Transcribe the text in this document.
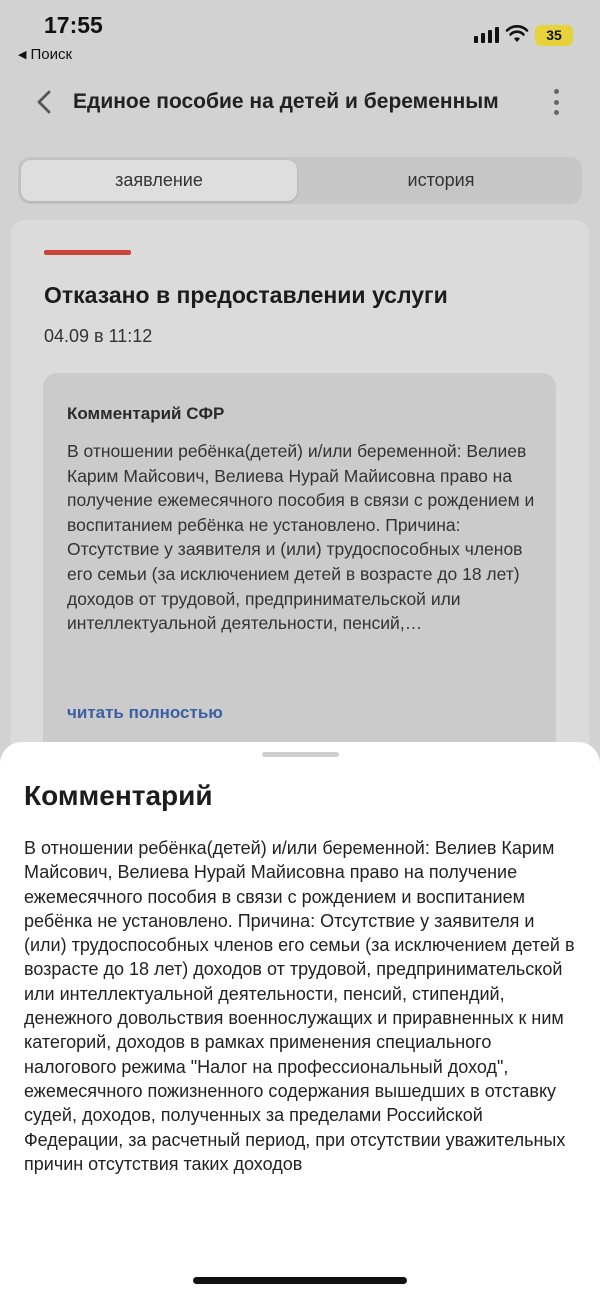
17:55
◀ Поиск
35
Единое пособие на детей и беременным
заявление	история
Отказано в предоставлении услуги
04.09 в 11:12
Комментарий СФР
В отношении ребёнка(детей) и/или беременной: Велиев Карим Майсович, Велиева Нурай Майисовна право на получение ежемесячного пособия в связи с рождением и воспитанием ребёнка не установлено. Причина: Отсутствие у заявителя и (или) трудоспособных членов его семьи (за исключением детей в возрасте до 18 лет) доходов от трудовой, предпринимательской или интеллектуальной деятельности, пенсий,…
читать полностью
Комментарий
В отношении ребёнка(детей) и/или беременной: Велиев Карим Майсович, Велиева Нурай Майисовна право на получение ежемесячного пособия в связи с рождением и воспитанием ребёнка не установлено. Причина: Отсутствие у заявителя и (или) трудоспособных членов его семьи (за исключением детей в возрасте до 18 лет) доходов от трудовой, предпринимательской или интеллектуальной деятельности, пенсий, стипендий, денежного довольствия военнослужащих и приравненных к ним категорий, доходов в рамках применения специального налогового режима "Налог на профессиональный доход", ежемесячного пожизненного содержания вышедших в отставку судей, доходов, полученных за пределами Российской Федерации, за расчетный период, при отсутствии уважительных причин отсутствия таких доходов
